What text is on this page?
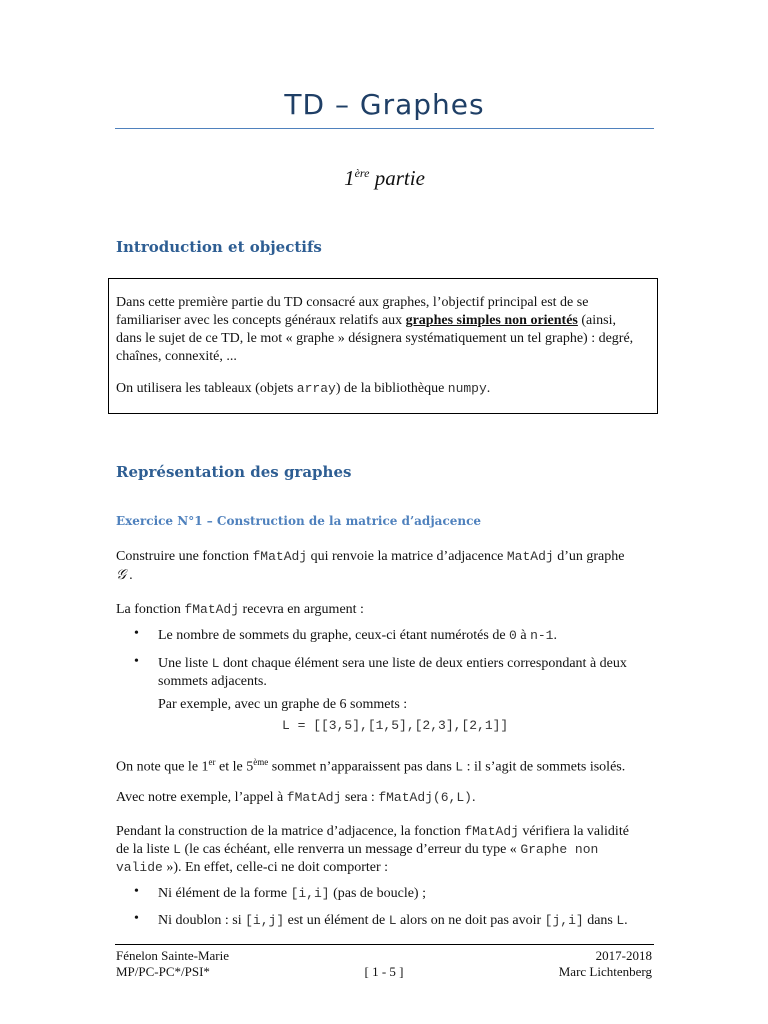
TD – Graphes
1ère partie
Introduction et objectifs
Dans cette première partie du TD consacré aux graphes, l’objectif principal est de se
familiariser avec les concepts généraux relatifs aux graphes simples non orientés (ainsi,
dans le sujet de ce TD, le mot « graphe » désignera systématiquement un tel graphe) : degré,
chaînes, connexité, ...
On utilisera les tableaux (objets array) de la bibliothèque numpy.
Représentation des graphes
Exercice N°1 – Construction de la matrice d’adjacence
Construire une fonction fMatAdj qui renvoie la matrice d’adjacence MatAdj d’un graphe
𝒢 .
La fonction fMatAdj recevra en argument :
• Le nombre de sommets du graphe, ceux-ci étant numérotés de 0 à n-1.
• Une liste L dont chaque élément sera une liste de deux entiers correspondant à deux
sommets adjacents.
Par exemple, avec un graphe de 6 sommets :
L = [[3,5],[1,5],[2,3],[2,1]]
On note que le 1er et le 5ème sommet n’apparaissent pas dans L : il s’agit de sommets isolés.
Avec notre exemple, l’appel à fMatAdj sera : fMatAdj(6,L).
Pendant la construction de la matrice d’adjacence, la fonction fMatAdj vérifiera la validité
de la liste L (le cas échéant, elle renverra un message d’erreur du type « Graphe non
valide »). En effet, celle-ci ne doit comporter :
• Ni élément de la forme [i,i] (pas de boucle) ;
• Ni doublon : si [i,j] est un élément de L alors on ne doit pas avoir [j,i] dans L.
Fénelon Sainte-Marie
MP/PC-PC*/PSI*	[ 1 - 5 ]
2017-2018
Marc Lichtenberg
